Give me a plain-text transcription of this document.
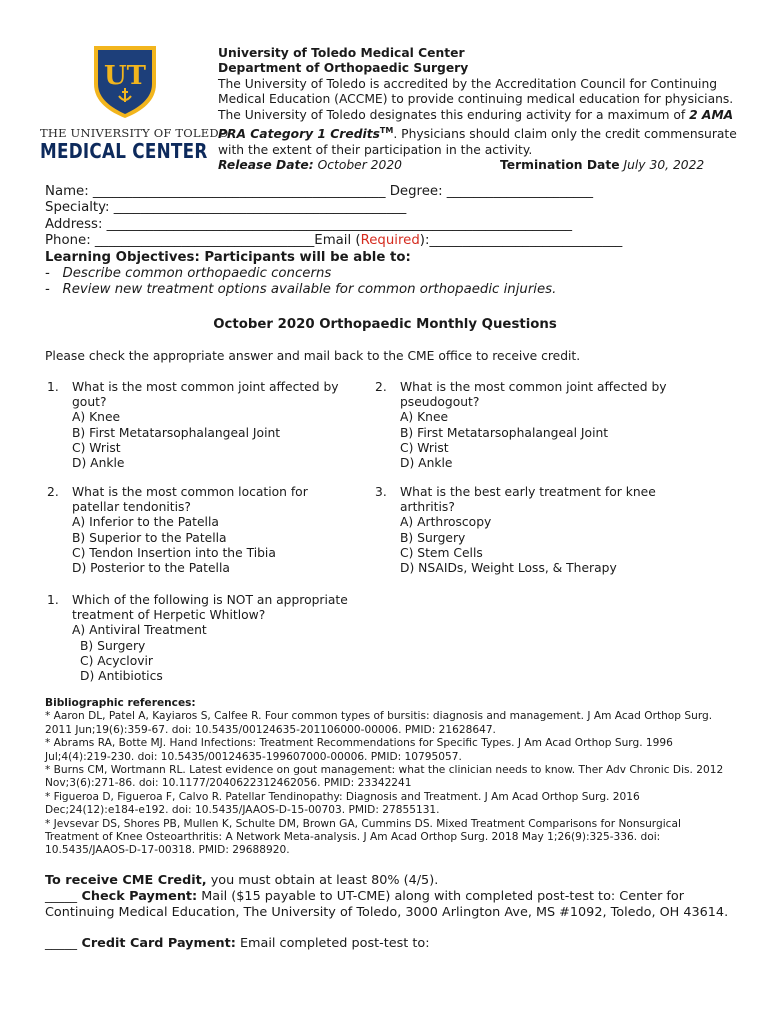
UT
THE UNIVERSITY OF TOLEDO
MEDICAL CENTER
University of Toledo Medical Center
Department of Orthopaedic Surgery
The University of Toledo is accredited by the Accreditation Council for Continuing Medical Education (ACCME) to provide continuing medical education for physicians. The University of Toledo designates this enduring activity for a maximum of 2 AMA PRA Category 1 Credits™. Physicians should claim only the credit commensurate with the extent of their participation in the activity.
Release Date: October 2020	Termination Date July 30, 2022
Name: ____________________________________________ Degree: ______________________
Specialty: ____________________________________________
Address: ______________________________________________________________________
Phone: _________________________________Email (Required):_____________________________
Learning Objectives: Participants will be able to:
-   Describe common orthopaedic concerns
-   Review new treatment options available for common orthopaedic injuries.
October 2020 Orthopaedic Monthly Questions
Please check the appropriate answer and mail back to the CME office to receive credit.
1.	What is the most common joint affected by gout?
A) Knee
B) First Metatarsophalangeal Joint
C) Wrist
D) Ankle
2.	What is the most common joint affected by pseudogout?
A) Knee
B) First Metatarsophalangeal Joint
C) Wrist
D) Ankle
2.	What is the most common location for patellar tendonitis?
A) Inferior to the Patella
B) Superior to the Patella
C) Tendon Insertion into the Tibia
D) Posterior to the Patella
3.	What is the best early treatment for knee arthritis?
A) Arthroscopy
B) Surgery
C) Stem Cells
D) NSAIDs, Weight Loss, & Therapy
1.	Which of the following is NOT an appropriate treatment of Herpetic Whitlow?
A) Antiviral Treatment
B) Surgery
C) Acyclovir
D) Antibiotics
Bibliographic references:
* Aaron DL, Patel A, Kayiaros S, Calfee R. Four common types of bursitis: diagnosis and management. J Am Acad Orthop Surg. 2011 Jun;19(6):359-67. doi: 10.5435/00124635-201106000-00006. PMID: 21628647.
* Abrams RA, Botte MJ. Hand Infections: Treatment Recommendations for Specific Types. J Am Acad Orthop Surg. 1996 Jul;4(4):219-230. doi: 10.5435/00124635-199607000-00006. PMID: 10795057.
* Burns CM, Wortmann RL. Latest evidence on gout management: what the clinician needs to know. Ther Adv Chronic Dis. 2012 Nov;3(6):271-86. doi: 10.1177/2040622312462056. PMID: 23342241
* Figueroa D, Figueroa F, Calvo R. Patellar Tendinopathy: Diagnosis and Treatment. J Am Acad Orthop Surg. 2016 Dec;24(12):e184-e192. doi: 10.5435/JAAOS-D-15-00703. PMID: 27855131.
* Jevsevar DS, Shores PB, Mullen K, Schulte DM, Brown GA, Cummins DS. Mixed Treatment Comparisons for Nonsurgical Treatment of Knee Osteoarthritis: A Network Meta-analysis. J Am Acad Orthop Surg. 2018 May 1;26(9):325-336. doi: 10.5435/JAAOS-D-17-00318. PMID: 29688920.
To receive CME Credit, you must obtain at least 80% (4/5).
_____ Check Payment: Mail ($15 payable to UT-CME) along with completed post-test to: Center for Continuing Medical Education, The University of Toledo, 3000 Arlington Ave, MS #1092, Toledo, OH 43614.
_____ Credit Card Payment: Email completed post-test to:
